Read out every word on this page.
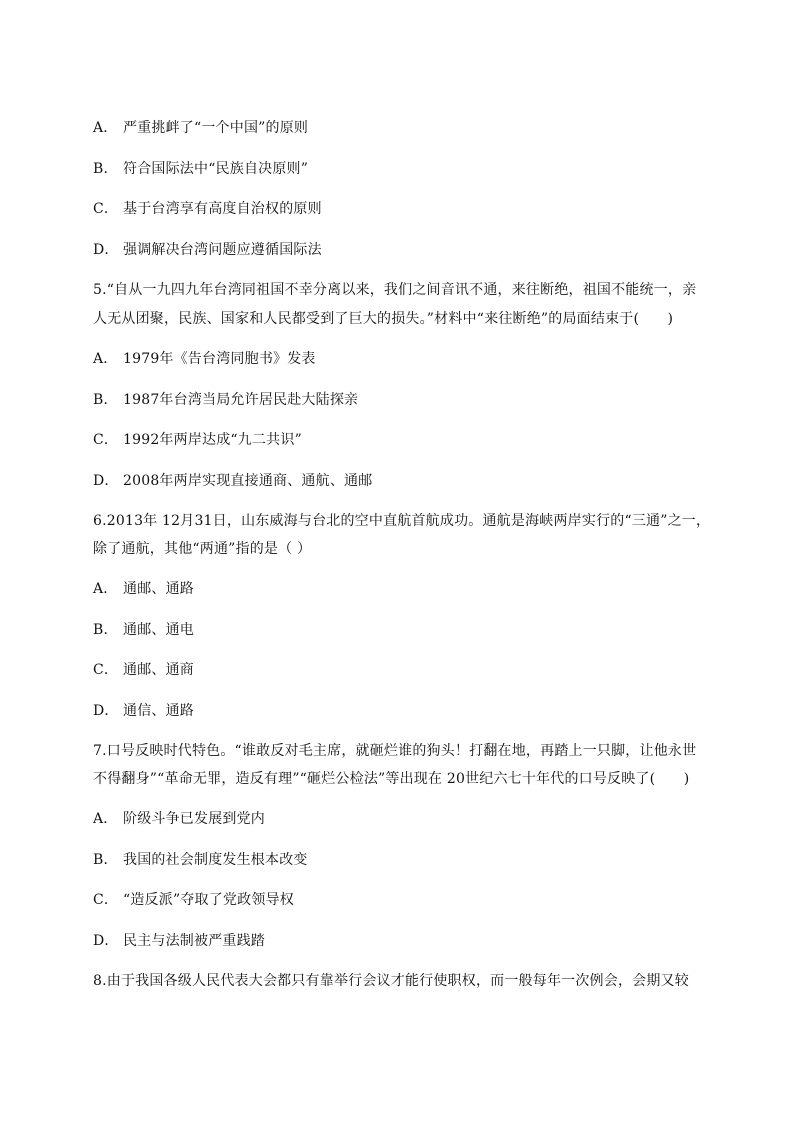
A． 严重挑衅了“一个中国”的原则
B． 符合国际法中“民族自决原则”
C． 基于台湾享有高度自治权的原则
D． 强调解决台湾问题应遵循国际法
5.“自从一九四九年台湾同祖国不幸分离以来，我们之间音讯不通，来往断绝，祖国不能统一，亲
人无从团聚，民族、国家和人民都受到了巨大的损失。”材料中“来往断绝”的局面结束于(　　)
A． 1979年《告台湾同胞书》发表
B． 1987年台湾当局允许居民赴大陆探亲
C． 1992年两岸达成“九二共识”
D． 2008年两岸实现直接通商、通航、通邮
6.2013年 12月31日，山东威海与台北的空中直航首航成功。通航是海峡两岸实行的“三通”之一，
除了通航，其他“两通”指的是（ ）
A． 通邮、通路
B． 通邮、通电
C． 通邮、通商
D． 通信、通路
7.口号反映时代特色。“谁敢反对毛主席，就砸烂谁的狗头！打翻在地，再踏上一只脚，让他永世
不得翻身”“革命无罪，造反有理”“砸烂公检法”等出现在 20世纪六七十年代的口号反映了(　　)
A． 阶级斗争已发展到党内
B． 我国的社会制度发生根本改变
C． “造反派”夺取了党政领导权
D． 民主与法制被严重践踏
8.由于我国各级人民代表大会都只有靠举行会议才能行使职权，而一般每年一次例会，会期又较
